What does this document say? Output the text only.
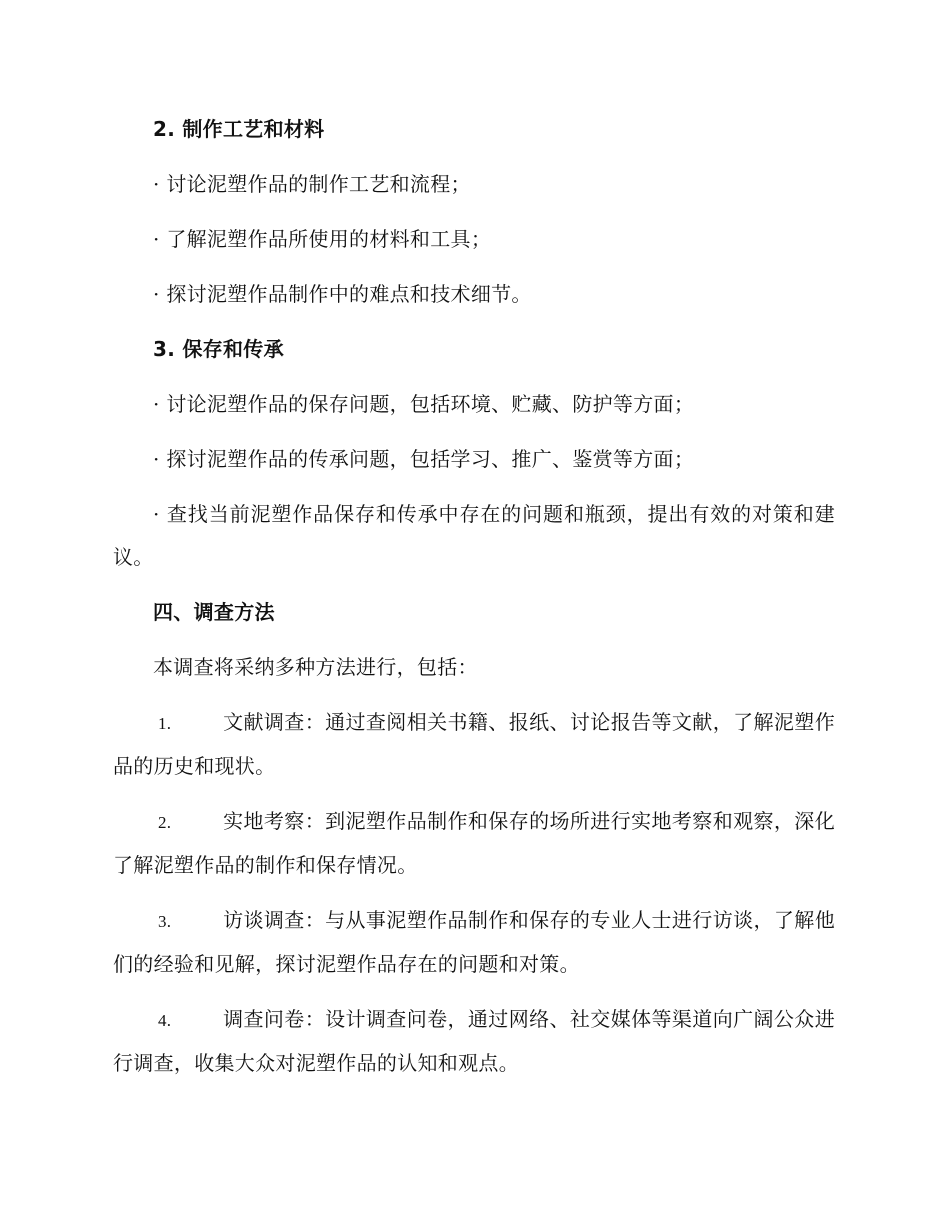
2. 制作工艺和材料

· 讨论泥塑作品的制作工艺和流程；

· 了解泥塑作品所使用的材料和工具；

· 探讨泥塑作品制作中的难点和技术细节。

3. 保存和传承

· 讨论泥塑作品的保存问题，包括环境、贮藏、防护等方面；

· 探讨泥塑作品的传承问题，包括学习、推广、鉴赏等方面；

· 查找当前泥塑作品保存和传承中存在的问题和瓶颈，提出有效的对策和建议。

四、调查方法

本调查将采纳多种方法进行，包括：

1.	文献调查：通过查阅相关书籍、报纸、讨论报告等文献，了解泥塑作品的历史和现状。

2.	实地考察：到泥塑作品制作和保存的场所进行实地考察和观察，深化了解泥塑作品的制作和保存情况。

3.	访谈调查：与从事泥塑作品制作和保存的专业人士进行访谈，了解他们的经验和见解，探讨泥塑作品存在的问题和对策。

4.	调查问卷：设计调查问卷，通过网络、社交媒体等渠道向广阔公众进行调查，收集大众对泥塑作品的认知和观点。
